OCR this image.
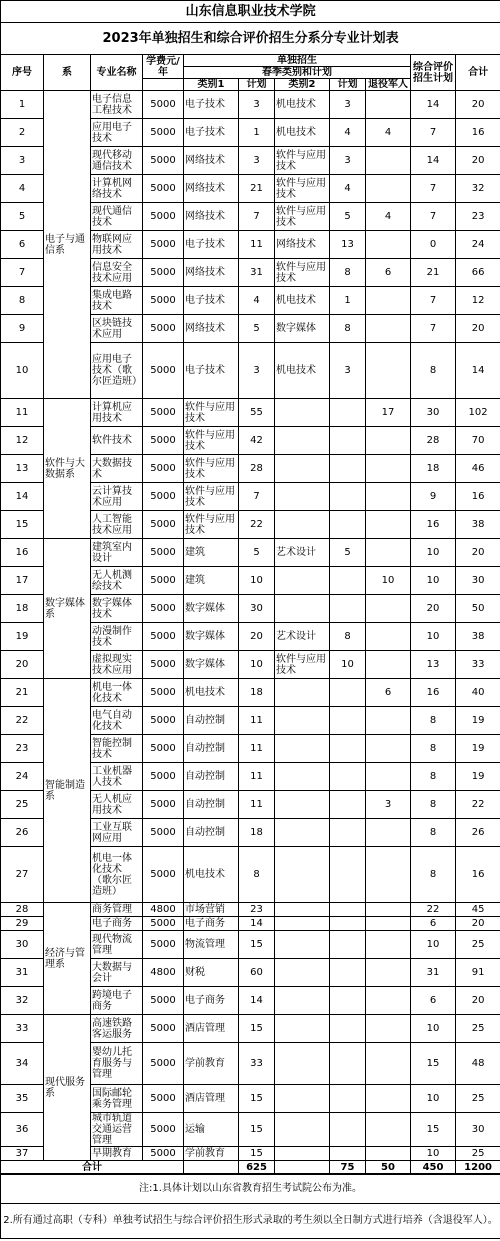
山东信息职业技术学院										
2023年单独招生和综合评价招生分系分专业计划表										
序号	系	专业名称	学费元/年	单独招生					综合评价招生计划	合计
				春季类别和计划						
				类别1	计划	类别2	计划	退役军人		
1	电子与通信系	电子信息工程技术	5000	电子技术	3	机电技术	3		14	20
2		应用电子技术	5000	电子技术	1	机电技术	4	4	7	16
3		现代移动通信技术	5000	网络技术	3	软件与应用技术	3		14	20
4		计算机网络技术	5000	网络技术	21	软件与应用技术	4		7	32
5		现代通信技术	5000	网络技术	7	软件与应用技术	5	4	7	23
6		物联网应用技术	5000	电子技术	11	网络技术	13		0	24
7		信息安全技术应用	5000	网络技术	31	软件与应用技术	8	6	21	66
8		集成电路技术	5000	电子技术	4	机电技术	1		7	12
9		区块链技术应用	5000	网络技术	5	数字媒体	8		7	20
10		应用电子技术（歌尔匠造班）	5000	电子技术	3	机电技术	3		8	14
11	软件与大数据系	计算机应用技术	5000	软件与应用技术	55			17	30	102
12		软件技术	5000	软件与应用技术	42				28	70
13		大数据技术	5000	软件与应用技术	28				18	46
14		云计算技术应用	5000	软件与应用技术	7				9	16
15		人工智能技术应用	5000	软件与应用技术	22				16	38
16	数字媒体系	建筑室内设计	5000	建筑	5	艺术设计	5		10	20
17		无人机测绘技术	5000	建筑	10			10	10	30
18		数字媒体技术	5000	数字媒体	30				20	50
19		动漫制作技术	5000	数字媒体	20	艺术设计	8		10	38
20		虚拟现实技术应用	5000	数字媒体	10	软件与应用技术	10		13	33
21	智能制造系	机电一体化技术	5000	机电技术	18			6	16	40
22		电气自动化技术	5000	自动控制	11				8	19
23		智能控制技术	5000	自动控制	11				8	19
24		工业机器人技术	5000	自动控制	11				8	19
25		无人机应用技术	5000	自动控制	11			3	8	22
26		工业互联网应用	5000	自动控制	18				8	26
27		机电一体化技术（歌尔匠造班）	5000	机电技术	8				8	16
28	经济与管理系	商务管理	4800	市场营销	23				22	45
29		电子商务	5000	电子商务	14				6	20
30		现代物流管理	5000	物流管理	15				10	25
31		大数据与会计	4800	财税	60				31	91
32		跨境电子商务	5000	电子商务	14				6	20
33	现代服务系	高速铁路客运服务	5000	酒店管理	15				10	25
34		婴幼儿托育服务与管理	5000	学前教育	33				15	48
35		国际邮轮乘务管理	5000	酒店管理	15				10	25
36		城市轨道交通运营管理	5000	运输	15				15	30
37		早期教育	5000	学前教育	15				10	25
合计					625		75	50	450	1200
注:1.具体计划以山东省教育招生考试院公布为准。
2.所有通过高职（专科）单独考试招生与综合评价招生形式录取的考生须以全日制方式进行培养（含退役军人）。
